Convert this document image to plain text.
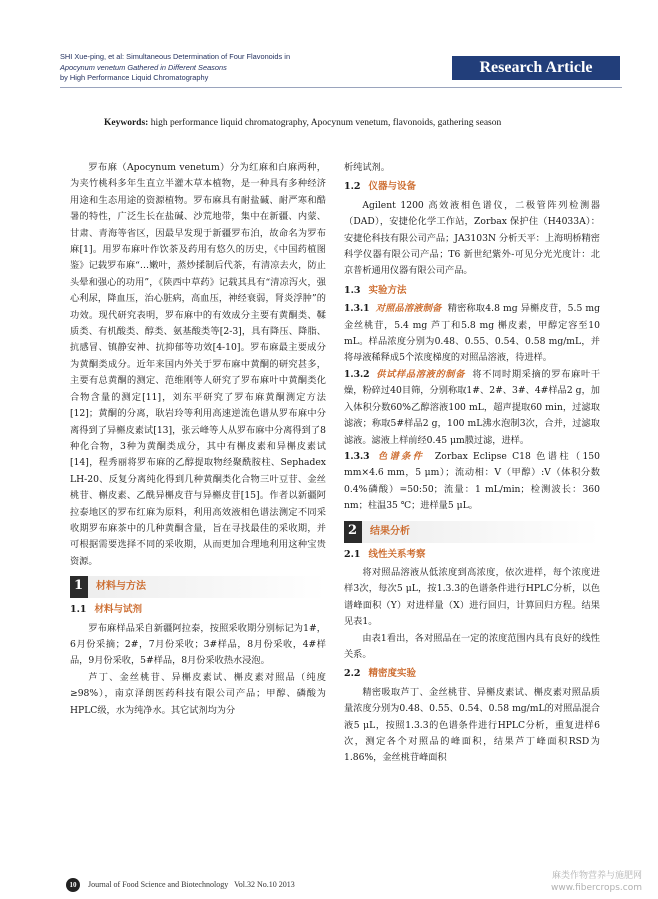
SHI Xue-ping, et al: Simultaneous Determination of Four Flavonoids in
Apocynum venetum Gathered in Different Seasons
by High Performance Liquid Chromatography
Research Article
Keywords: high performance liquid chromatography, Apocynum venetum, flavonoids, gathering season

罗布麻（Apocynum venetum）分为红麻和白麻两种，为夹竹桃科多年生直立半灌木草本植物，是一种具有多种经济用途和生态用途的资源植物。罗布麻具有耐盐碱、耐严寒和酷暑的特性，广泛生长在盐碱、沙荒地带，集中在新疆、内蒙、甘肃、青海等省区，因最早发现于新疆罗布泊，故命名为罗布麻[1]。用罗布麻叶作饮茶及药用有悠久的历史，《中国药植图鉴》记载罗布麻“…嫩叶，蒸炒揉制后代茶，有清凉去火，防止头晕和强心的功用”，《陕西中草药》记载其具有“清凉泻火，强心利尿，降血压，治心脏病，高血压，神经衰弱，肾炎浮肿”的功效。现代研究表明，罗布麻中的有效成分主要有黄酮类、鞣质类、有机酸类、醇类、氨基酸类等[2-3]，具有降压、降脂、抗感冒、镇静安神、抗抑郁等功效[4-10]。罗布麻最主要成分为黄酮类成分。近年来国内外关于罗布麻中黄酮的研究甚多，主要有总黄酮的测定、范维刚等人研究了罗布麻叶中黄酮类化合物含量的测定[11]，刘东平研究了罗布麻黄酮测定方法[12]；黄酮的分离，耿岩玲等利用高速逆流色谱从罗布麻中分离得到了异槲皮素试[13]，张云峰等人从罗布麻中分离得到了8种化合物，3种为黄酮类成分，其中有槲皮素和异槲皮素试[14]，程秀丽将罗布麻的乙醇提取物经聚酰胺柱、Sephadex LH-20、反复分离纯化得到几种黄酮类化合物三叶豆苷、金丝桃苷、槲皮素、乙酰异槲皮苷与异槲皮苷[15]。作者以新疆阿拉泰地区的罗布红麻为原料，利用高效液相色谱法测定不同采收期罗布麻茶中的几种黄酮含量，旨在寻找最佳的采收期，并可根据需要选择不同的采收期，从而更加合理地利用这种宝贵资源。

1 材料与方法
1.1 材料与试剂

罗布麻样品采自新疆阿拉泰，按照采收期分别标记为1#，6月份采摘；2#，7月份采收；3#样品，8月份采收，4#样品，9月份采收，5#样品，8月份采收热水浸泡。

芦丁、金丝桃苷、异槲皮素试、槲皮素对照品（纯度≥98%），南京泽朗医药科技有限公司产品；甲醇、磷酸为HPLC级，水为纯净水。其它试剂均为分

析纯试剂。

1.2 仪器与设备

Agilent 1200 高效液相色谱仪，二极管阵列检测器（DAD），安捷伦化学工作站，Zorbax 保护住（H4033A）：安捷伦科技有限公司产品；JA3103N 分析天平：上海明桥精密科学仪器有限公司产品；T6 新世纪紫外-可见分光光度计：北京普析通用仪器有限公司产品。

1.3 实验方法

1.3.1 对照品溶液制备 精密称取4.8 mg 异槲皮苷，5.5 mg 金丝桃苷，5.4 mg 芦丁和5.8 mg 槲皮素，甲醇定容至10 mL。样品浓度分别为0.48、0.55、0.54、0.58 mg/mL，并将母液稀释成5个浓度梯度的对照品溶液，待进样。

1.3.2 供试样品溶液的制备 将不同时期采摘的罗布麻叶干燥，粉碎过40目筛，分别称取1#、2#、3#、4#样品2 g，加入体积分数60%乙醇溶液100 mL，超声提取60 min，过滤取滤液；称取5#样品2 g，100 mL沸水泡制3次，合并，过滤取滤液。滤液上样前经0.45 μm膜过滤，进样。

1.3.3 色谱条件 Zorbax Eclipse C18 色谱柱（150 mm×4.6 mm，5 μm）；流动相：V（甲醇）:V（体积分数0.4%磷酸）=50:50；流量：1 mL/min；检测波长：360 nm；柱温35 ℃；进样量5 μL。

2 结果分析
2.1 线性关系考察

将对照品溶液从低浓度到高浓度，依次进样，每个浓度进样3次，每次5 μL，按1.3.3的色谱条件进行HPLC分析，以色谱峰面积（Y）对进样量（X）进行回归，计算回归方程。结果见表1。

由表1看出，各对照品在一定的浓度范围内具有良好的线性关系。

2.2 精密度实验

精密吸取芦丁、金丝桃苷、异槲皮素试、槲皮素对照品质量浓度分别为0.48、0.55、0.54、0.58 mg/mL的对照品混合液5 μL，按照1.3.3的色谱条件进行HPLC分析，重复进样6次，测定各个对照品的峰面积，结果芦丁峰面积RSD为1.86%，金丝桃苷峰面积

10 Journal of Food Science and Biotechnology Vol.32 No.10 2013
麻类作物营养与施肥网
www.fibercrops.com
